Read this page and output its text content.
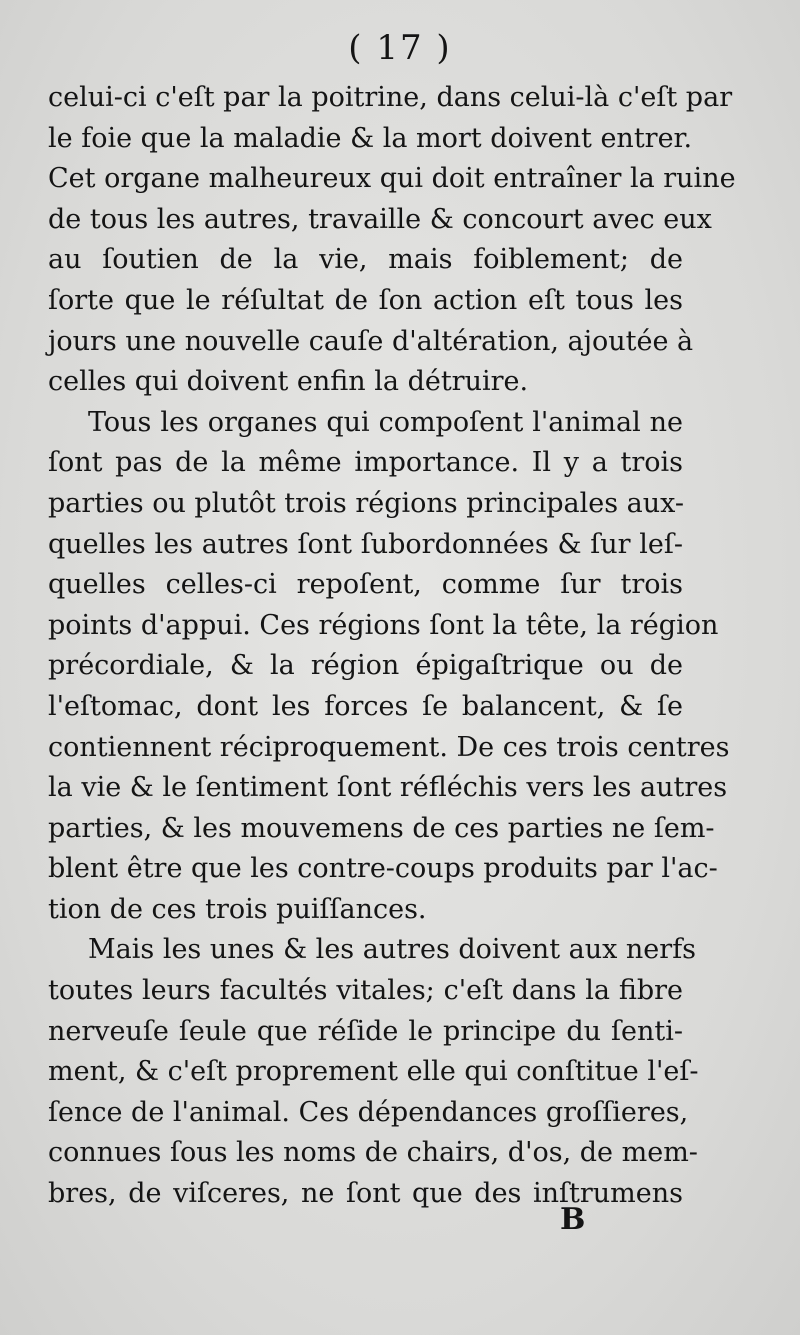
( 17 )
celui-ci c'eſt par la poitrine, dans celui-là c'eſt par
le foie que la maladie & la mort doivent entrer.
Cet organe malheureux qui doit entraîner la ruine
de tous les autres, travaille & concourt avec eux
au ſoutien de la vie, mais foiblement; de
ſorte que le réſultat de ſon action eſt tous les
jours une nouvelle cauſe d'altération, ajoutée à
celles qui doivent enfin la détruire.
Tous les organes qui compoſent l'animal ne
ſont pas de la même importance. Il y a trois
parties ou plutôt trois régions principales aux-
quelles les autres ſont ſubordonnées & ſur leſ-
quelles celles-ci repoſent, comme ſur trois
points d'appui. Ces régions ſont la tête, la région
précordiale, & la région épigaſtrique ou de
l'eſtomac, dont les forces ſe balancent, & ſe
contiennent réciproquement. De ces trois centres
la vie & le ſentiment ſont réfléchis vers les autres
parties, & les mouvemens de ces parties ne ſem-
blent être que les contre-coups produits par l'ac-
tion de ces trois puiſſances.
Mais les unes & les autres doivent aux nerfs
toutes leurs facultés vitales; c'eſt dans la fibre
nerveuſe ſeule que réſide le principe du ſenti-
ment, & c'eſt proprement elle qui conſtitue l'eſ-
ſence de l'animal. Ces dépendances groſſieres,
connues ſous les noms de chairs, d'os, de mem-
bres, de viſceres, ne ſont que des inſtrumens
B
